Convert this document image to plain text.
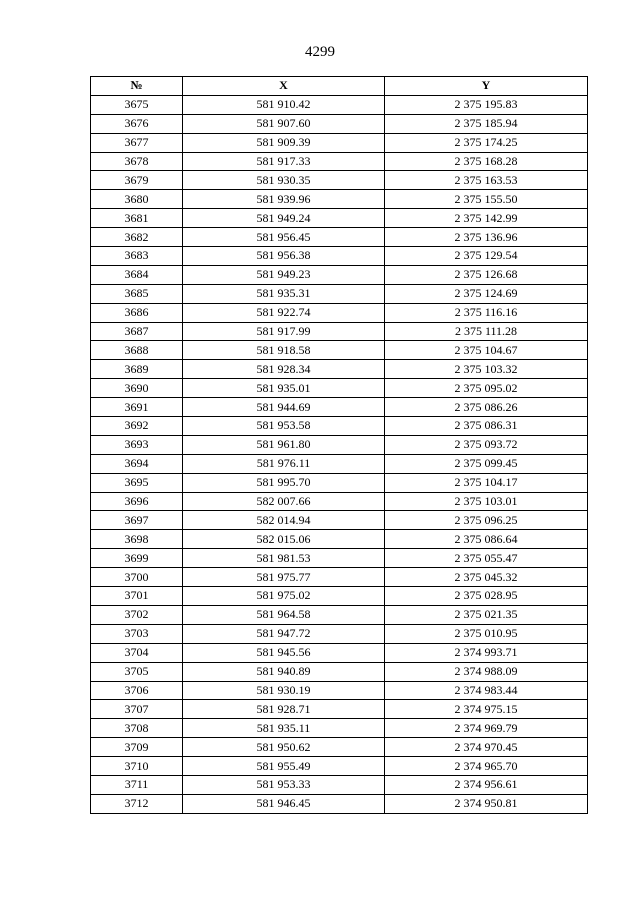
4299
№	X	Y
3675	581 910.42	2 375 195.83
3676	581 907.60	2 375 185.94
3677	581 909.39	2 375 174.25
3678	581 917.33	2 375 168.28
3679	581 930.35	2 375 163.53
3680	581 939.96	2 375 155.50
3681	581 949.24	2 375 142.99
3682	581 956.45	2 375 136.96
3683	581 956.38	2 375 129.54
3684	581 949.23	2 375 126.68
3685	581 935.31	2 375 124.69
3686	581 922.74	2 375 116.16
3687	581 917.99	2 375 111.28
3688	581 918.58	2 375 104.67
3689	581 928.34	2 375 103.32
3690	581 935.01	2 375 095.02
3691	581 944.69	2 375 086.26
3692	581 953.58	2 375 086.31
3693	581 961.80	2 375 093.72
3694	581 976.11	2 375 099.45
3695	581 995.70	2 375 104.17
3696	582 007.66	2 375 103.01
3697	582 014.94	2 375 096.25
3698	582 015.06	2 375 086.64
3699	581 981.53	2 375 055.47
3700	581 975.77	2 375 045.32
3701	581 975.02	2 375 028.95
3702	581 964.58	2 375 021.35
3703	581 947.72	2 375 010.95
3704	581 945.56	2 374 993.71
3705	581 940.89	2 374 988.09
3706	581 930.19	2 374 983.44
3707	581 928.71	2 374 975.15
3708	581 935.11	2 374 969.79
3709	581 950.62	2 374 970.45
3710	581 955.49	2 374 965.70
3711	581 953.33	2 374 956.61
3712	581 946.45	2 374 950.81
